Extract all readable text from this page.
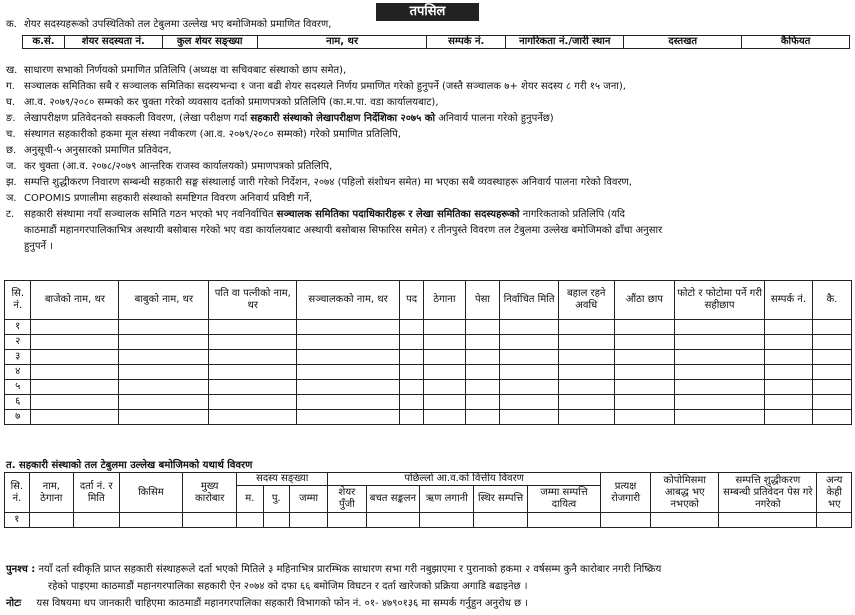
तपसिल
क. शेयर सदस्यहरूको उपस्थितिको तल टेबुलमा उल्लेख भए बमोजिमको प्रमाणित विवरण,
क.सं.	शेयर सदस्यता नं.	कुल शेयर सङ्ख्या	नाम, थर	सम्पर्क नं.	नागरिकता नं./जारी स्थान	दस्तखत	कैफियत
ख. साधारण सभाको निर्णयको प्रमाणित प्रतिलिपि (अध्यक्ष वा सचिवबाट संस्थाको छाप समेत),
ग. सञ्चालक समितिका सबै र सञ्चालक समितिका सदस्यभन्दा १ जना बढी शेयर सदस्यले निर्णय प्रमाणित गरेको हुनुपर्ने (जस्तै सञ्चालक ७+ शेयर सदस्य ८ गरी १५ जना),
घ. आ.व. २०७९/२०८० सम्मको कर चुक्ता गरेको व्यवसाय दर्ताको प्रमाणपत्रको प्रतिलिपि (का.म.पा. वडा कार्यालयबाट),
ङ. लेखापरीक्षण प्रतिवेदनको सक्कली विवरण, (लेखा परीक्षण गर्दा सहकारी संस्थाको लेखापरीक्षण निर्देशिका २०७५ को अनिवार्य पालना गरेको हुनुपर्नेछ)
च. संस्थागत सहकारीको हकमा मूल संस्था नवीकरण (आ.व. २०७९/२०८० सम्मको) गरेको प्रमाणित प्रतिलिपि,
छ. अनुसूची-५ अनुसारको प्रमाणित प्रतिवेदन,
ज. कर चुक्ता (आ.व. २०७८/२०७९ आन्तरिक राजस्व कार्यालयको) प्रमाणपत्रको प्रतिलिपि,
झ. सम्पत्ति शुद्धीकरण निवारण सम्बन्धी सहकारी सङ्घ संस्थालाई जारी गरेको निर्देशन, २०७४ (पहिलो संशोधन समेत) मा भएका सबै व्यवस्थाहरू अनिवार्य पालना गरेको विवरण,
ञ. COPOMIS प्रणालीमा सहकारी संस्थाको समष्टिगत विवरण अनिवार्य प्रविष्टी गर्ने,
ट. सहकारी संस्थामा नयाँ सञ्चालक समिति गठन भएको भए नवनिर्वाचित सञ्चालक समितिका पदाधिकारीहरू र लेखा समितिका सदस्यहरूको नागरिकताको प्रतिलिपि (यदि
काठमाडौं महानगरपालिकाभित्र अस्थायी बसोबास गरेको भए वडा कार्यालयबाट अस्थायी बसोबास सिफारिस समेत) र तीनपुस्ते विवरण तल टेबुलमा उल्लेख बमोजिमको ढाँचा अनुसार
हुनुपर्ने ।
सि. नं.	बाजेको नाम, थर	बाबुको नाम, थर	पति वा पत्नीको नाम, थर	सञ्चालकको नाम, थर	पद	ठेगाना	पेसा	निर्वाचित मिति	बहाल रहने अवधि	औंठा छाप	फोटो र फोटोमा पर्ने गरी सहीछाप	सम्पर्क नं.	कै.
१													
२													
३													
४													
५													
६													
७													
त. सहकारी संस्थाको तल टेबुलमा उल्लेख बमोजिमको यथार्थ विवरण
सि. नं.	नाम, ठेगाना	दर्ता नं. र मिति	किसिम	मुख्य कारोबार	सदस्य सङ्ख्या			पछिल्लो आ.व.को वित्तीय विवरण					प्रत्यक्ष रोजगारी	कोपोमिसमा आबद्ध भए नभएको	सम्पत्ति शुद्धीकरण सम्बन्धी प्रतिवेदन पेस गरे नगरेको	अन्य केही भए
					म.	पु.	जम्मा	शेयर पुँजी	बचत सङ्कलन	ऋण लगानी	स्थिर सम्पत्ति	जम्मा सम्पत्ति दायित्व				
१																
पुनश्च : नयाँ दर्ता स्वीकृति प्राप्त सहकारी संस्थाहरूले दर्ता भएको मितिले ३ महिनाभित्र प्रारम्भिक साधारण सभा गरी नबुझाएमा र पुरानाको हकमा २ वर्षसम्म कुनै कारोबार नगरी निष्क्रिय
रहेको पाइएमा काठमाडौं महानगरपालिका सहकारी ऐन २०७४ को दफा ६६ बमोजिम विघटन र दर्ता खारेजको प्रक्रिया अगाडि बढाइनेछ ।
नोटः यस विषयमा थप जानकारी चाहिएमा काठमाडौं महानगरपालिका सहकारी विभागको फोन नं. ०१- ४७९०१३६ मा सम्पर्क गर्नुहुन अनुरोध छ ।
